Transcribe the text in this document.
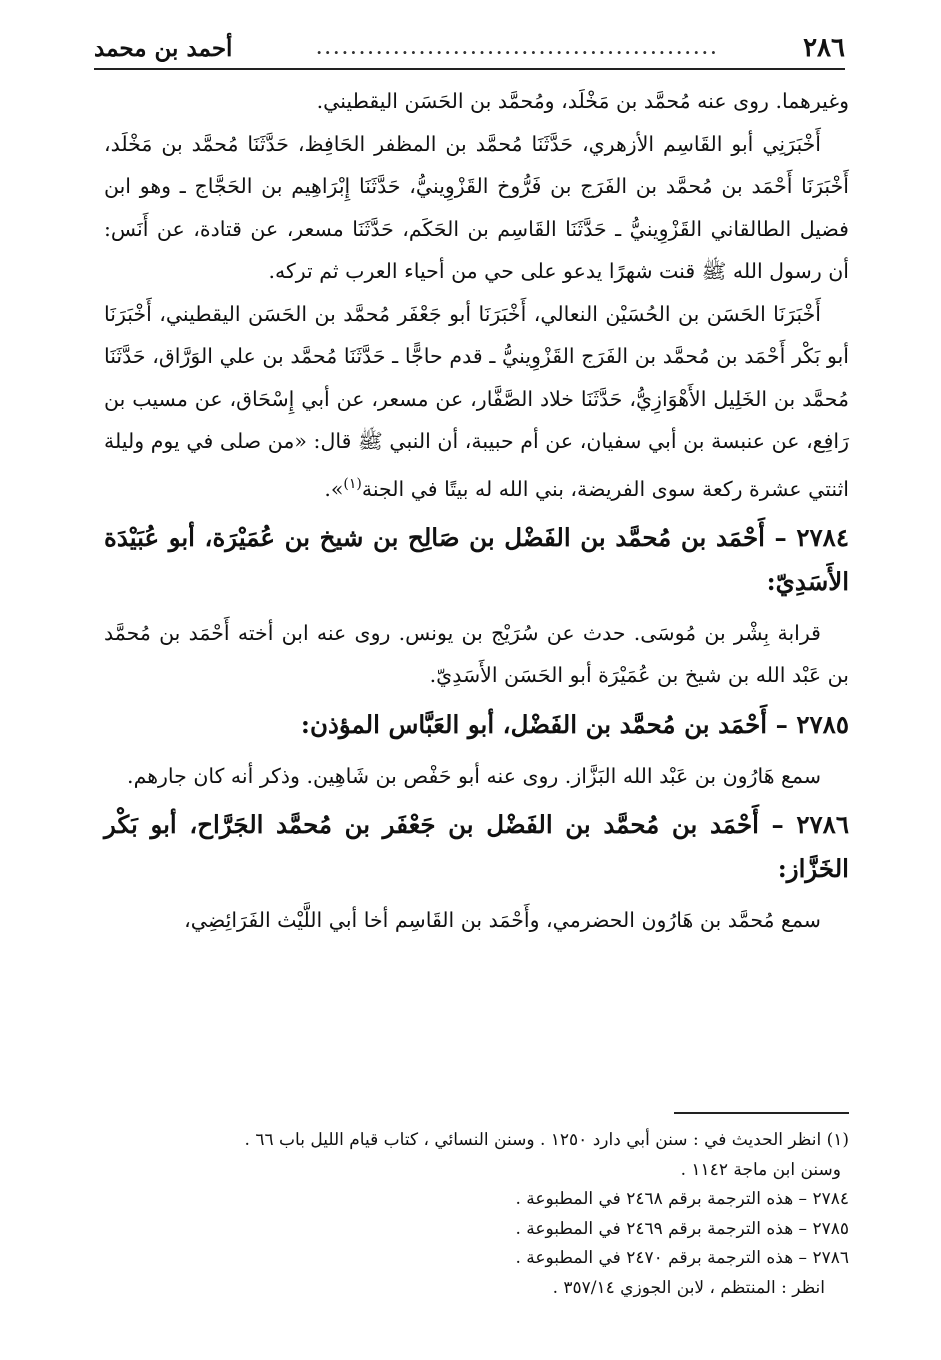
٢٨٦
...............................................
أحمد بن محمد

وغيرهما. روى عنه مُحمَّد بن مَخْلَد، ومُحمَّد بن الحَسَن اليقطيني.

أَخْبَرَنِي أبو القَاسِم الأزهري، حَدَّثَنَا مُحمَّد بن المظفر الحَافِظ، حَدَّثَنَا مُحمَّد بن مَخْلَد، أَخْبَرَنَا أَحْمَد بن مُحمَّد بن الفَرَج بن فَرُّوخ القَزْوِينيُّ، حَدَّثَنَا إِبْرَاهِيم بن الحَجَّاج ـ وهو ابن فضيل الطالقاني القَزْوِينيُّ ـ حَدَّثَنَا القَاسِم بن الحَكَم، حَدَّثَنَا مسعر، عن قتادة، عن أَنَس: أن رسول الله ﷺ قنت شهرًا يدعو على حي من أحياء العرب ثم تركه.

أَخْبَرَنَا الحَسَن بن الحُسَيْن النعالي، أَخْبَرَنَا أبو جَعْفَر مُحمَّد بن الحَسَن اليقطيني، أَخْبَرَنَا أبو بَكْر أَحْمَد بن مُحمَّد بن الفَرَج القَزْوِينيُّ ـ قدم حاجًّا ـ حَدَّثَنَا مُحمَّد بن علي الوَرَّاق، حَدَّثَنَا مُحمَّد بن الخَلِيل الأَهْوَازِيُّ، حَدَّثَنَا خلاد الصَّفَّار، عن مسعر، عن أبي إِسْحَاق، عن مسيب بن رَافِع، عن عنبسة بن أبي سفيان، عن أم حبيبة، أن النبي ﷺ قال: «من صلى في يوم وليلة اثنتي عشرة ركعة سوى الفريضة، بني الله له بيتًا في الجنة$^{(١)}$».

٢٧٨٤ – أَحْمَد بن مُحمَّد بن الفَضْل بن صَالِح بن شيخ بن عُمَيْرَة، أبو عُبَيْدَة الأَسَدِيّ:

قرابة بِشْر بن مُوسَى. حدث عن سُرَيْج بن يونس. روى عنه ابن أخته أَحْمَد بن مُحمَّد بن عَبْد الله بن شيخ بن عُمَيْرَة أبو الحَسَن الأَسَدِيّ.

٢٧٨٥ – أَحْمَد بن مُحمَّد بن الفَضْل، أبو العَبَّاس المؤذن:

سمع هَارُون بن عَبْد الله البَزَّاز. روى عنه أبو حَفْص بن شَاهِين. وذكر أنه كان جارهم.

٢٧٨٦ – أَحْمَد بن مُحمَّد بن الفَضْل بن جَعْفَر بن مُحمَّد الجَرَّاح، أبو بَكْر الخَزَّاز:

سمع مُحمَّد بن هَارُون الحضرمي، وأَحْمَد بن القَاسِم أخا أبي اللَّيْث الفَرَائِضِي،

(١) انظر الحديث في : سنن أبي دارد ١٢٥٠ . وسنن النسائي ، كتاب قيام الليل باب ٦٦ .

وسنن ابن ماجة ١١٤٢ .

٢٧٨٤ – هذه الترجمة برقم ٢٤٦٨ في المطبوعة .

٢٧٨٥ – هذه الترجمة برقم ٢٤٦٩ في المطبوعة .

٢٧٨٦ – هذه الترجمة برقم ٢٤٧٠ في المطبوعة .

انظر : المنتظم ، لابن الجوزي ٣٥٧/١٤ .
